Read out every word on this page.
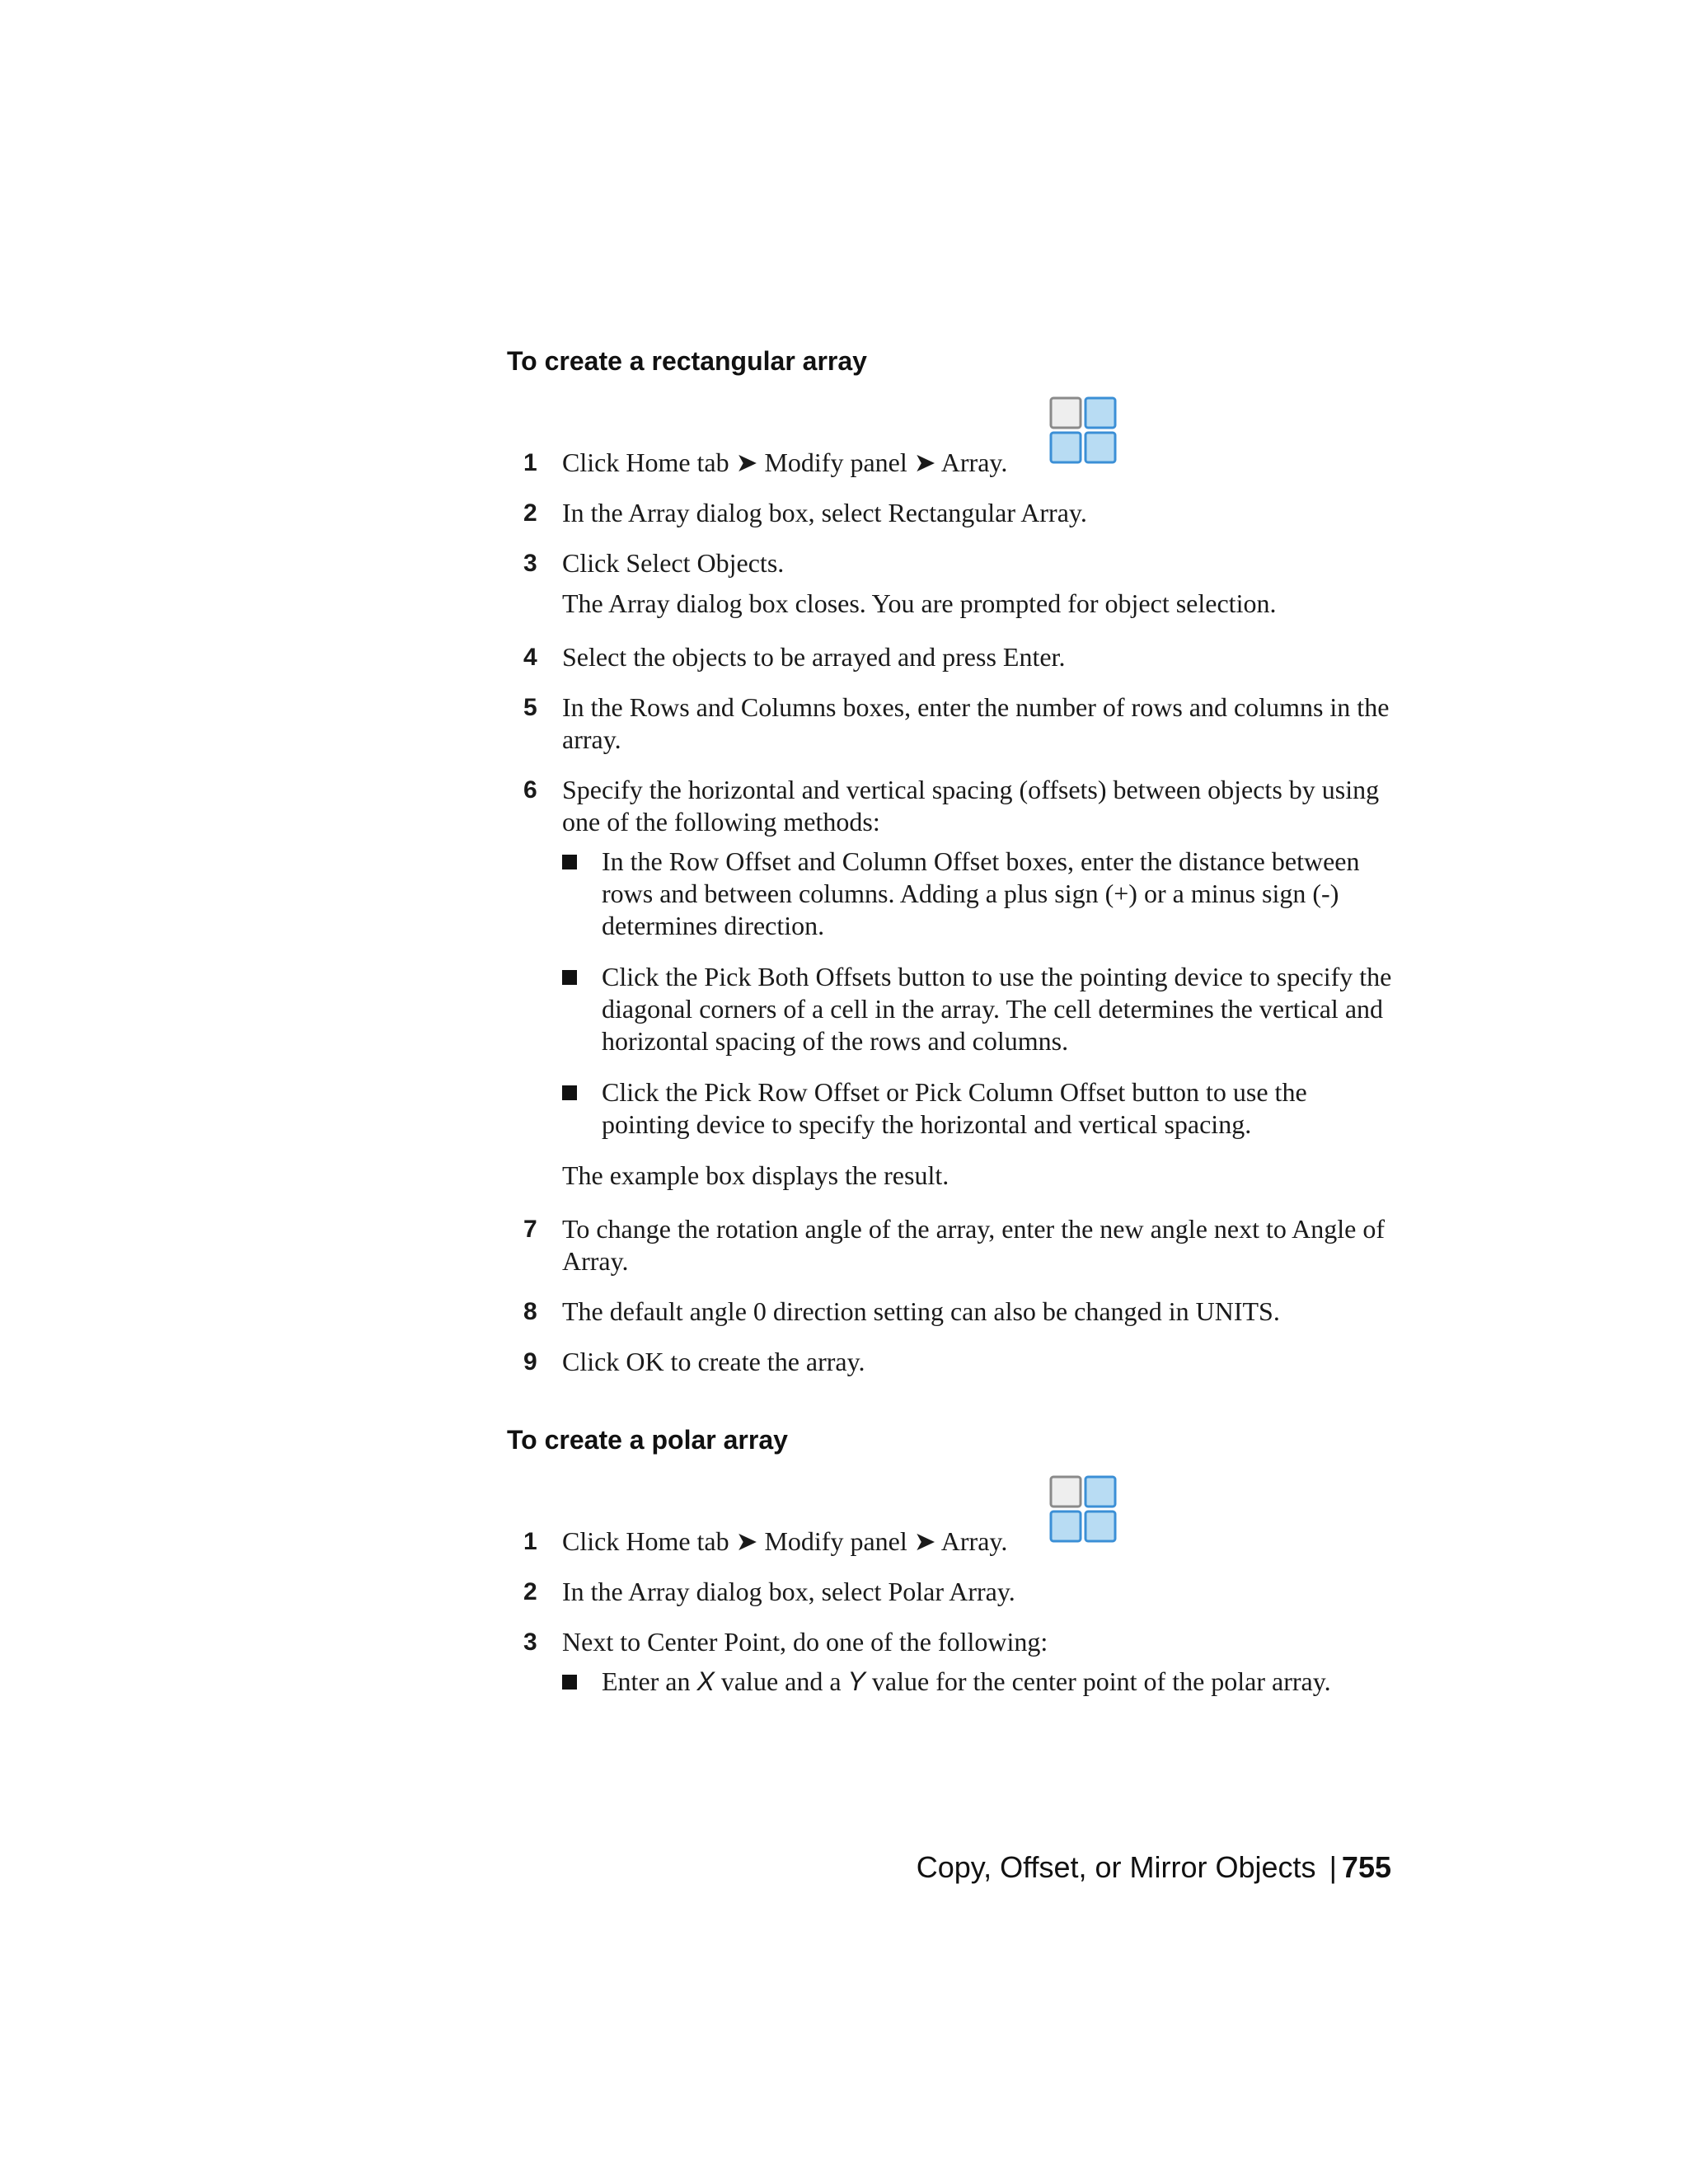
To create a rectangular array
1 Click Home tab ➤ Modify panel ➤ Array.
2 In the Array dialog box, select Rectangular Array.
3 Click Select Objects.
The Array dialog box closes. You are prompted for object selection.
4 Select the objects to be arrayed and press Enter.
5 In the Rows and Columns boxes, enter the number of rows and columns in the array.
6 Specify the horizontal and vertical spacing (offsets) between objects by using one of the following methods:
In the Row Offset and Column Offset boxes, enter the distance between rows and between columns. Adding a plus sign (+) or a minus sign (-) determines direction.
Click the Pick Both Offsets button to use the pointing device to specify the diagonal corners of a cell in the array. The cell determines the vertical and horizontal spacing of the rows and columns.
Click the Pick Row Offset or Pick Column Offset button to use the pointing device to specify the horizontal and vertical spacing.
The example box displays the result.
7 To change the rotation angle of the array, enter the new angle next to Angle of Array.
8 The default angle 0 direction setting can also be changed in UNITS.
9 Click OK to create the array.
To create a polar array
1 Click Home tab ➤ Modify panel ➤ Array.
2 In the Array dialog box, select Polar Array.
3 Next to Center Point, do one of the following:
Enter an X value and a Y value for the center point of the polar array.
Copy, Offset, or Mirror Objects | 755
